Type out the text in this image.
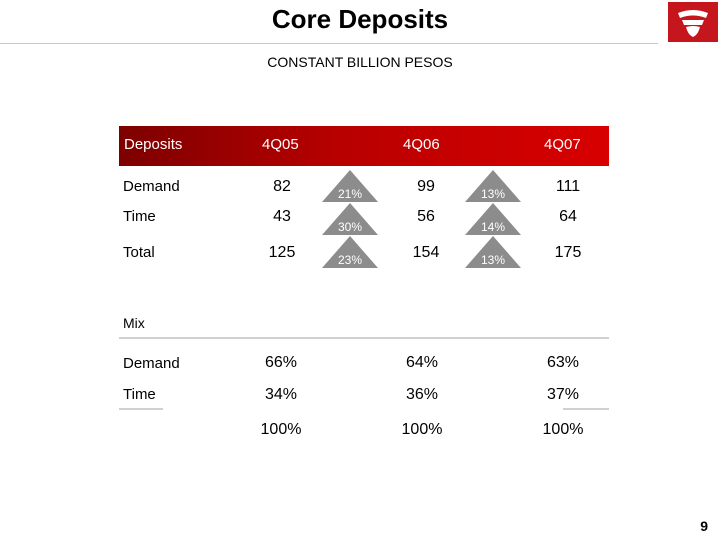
Core Deposits
CONSTANT BILLION PESOS
Deposits	4Q05	4Q06	4Q07
Demand	82	99	111
21%	13%
Time	43	56	64
30%	14%
Total	125	154	175
23%	13%
Mix
Demand	66%	64%	63%
Time	34%	36%	37%
100%	100%	100%
9
